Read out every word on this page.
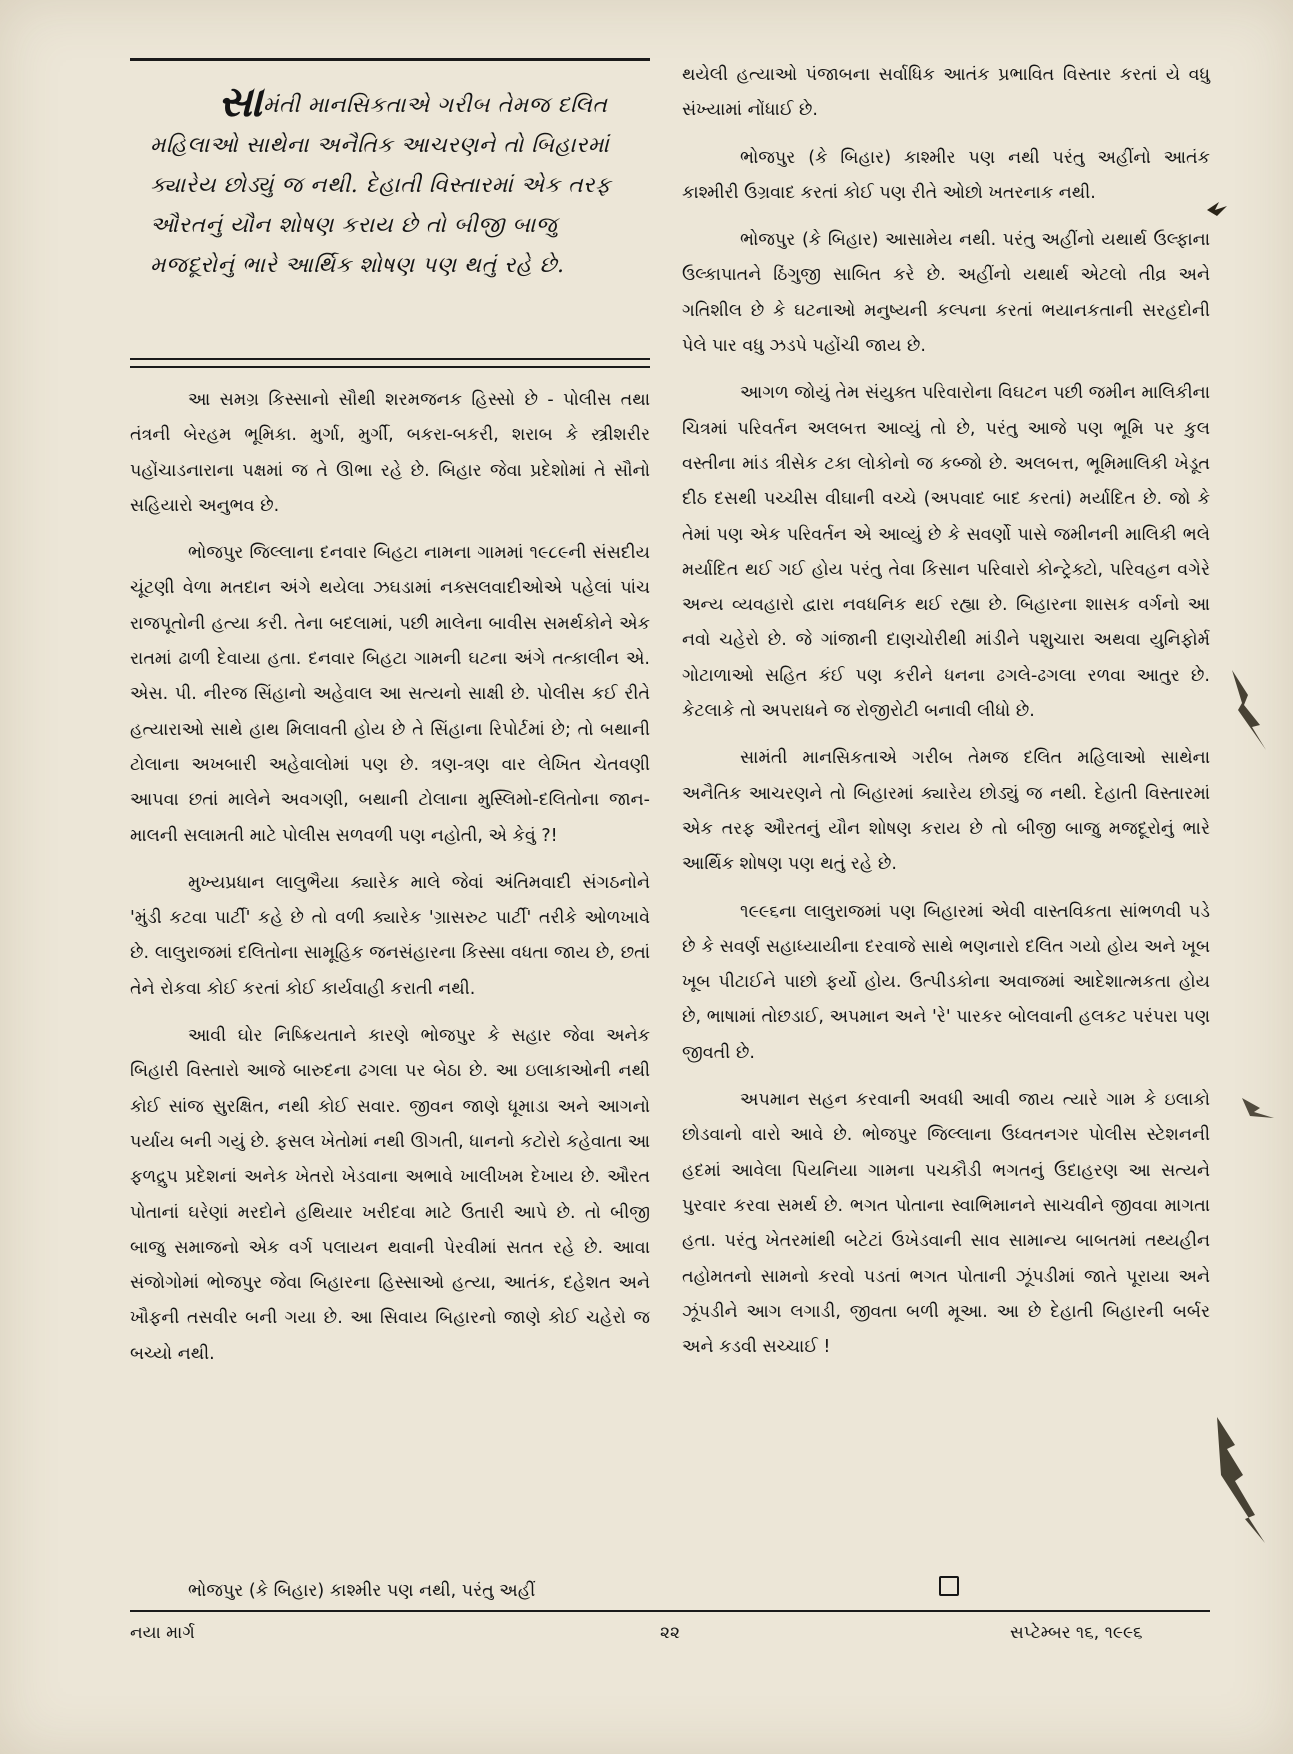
સામંતી માનસિકતાએ ગરીબ તેમજ દલિત મહિલાઓ સાથેના અનૈતિક આચરણને તો બિહારમાં ક્યારેય છોડ્યું જ નથી. દેહાતી વિસ્તારમાં એક તરફ ઔરતનું યૌન શોષણ કરાય છે તો બીજી બાજુ મજદૂરોનું ભારે આર્થિક શોષણ પણ થતું રહે છે.

આ સમગ્ર કિસ્સાનો સૌથી શરમજનક હિસ્સો છે - પોલીસ તથા તંત્રની બેરહમ ભૂમિકા. મુર્ગા, મુર્ગી, બકરા-બકરી, શરાબ કે સ્ત્રીશરીર પહોંચાડનારાના પક્ષમાં જ તે ઊભા રહે છે. બિહાર જેવા પ્રદેશોમાં તે સૌનો સહિયારો અનુભવ છે.

ભોજપુર જિલ્લાના દનવાર બિહટા નામના ગામમાં ૧૯૮૯ની સંસદીય ચૂંટણી વેળા મતદાન અંગે થયેલા ઝઘડામાં નક્સલવાદીઓએ પહેલાં પાંચ રાજપૂતોની હત્યા કરી. તેના બદલામાં, પછી માલેના બાવીસ સમર્થકોને એક રાતમાં ઢાળી દેવાયા હતા. દનવાર બિહટા ગામની ઘટના અંગે તત્કાલીન એ. એસ. પી. નીરજ સિંહાનો અહેવાલ આ સત્યનો સાક્ષી છે. પોલીસ કઈ રીતે હત્યારાઓ સાથે હાથ મિલાવતી હોય છે તે સિંહાના રિપોર્ટમાં છે; તો બથાની ટોલાના અખબારી અહેવાલોમાં પણ છે. ત્રણ-ત્રણ વાર લેખિત ચેતવણી આપવા છતાં માલેને અવગણી, બથાની ટોલાના મુસ્લિમો-દલિતોના જાન-માલની સલામતી માટે પોલીસ સળવળી પણ નહોતી, એ કેવું ?!

મુખ્યપ્રધાન લાલુભૈયા ક્યારેક માલે જેવાં અંતિમવાદી સંગઠનોને 'મુંડી કટવા પાર્ટી' કહે છે તો વળી ક્યારેક 'ગ્રાસરુટ પાર્ટી' તરીકે ઓળખાવે છે. લાલુરાજમાં દલિતોના સામૂહિક જનસંહારના કિસ્સા વધતા જાય છે, છતાં તેને રોકવા કોઈ કરતાં કોઈ કાર્યવાહી કરાતી નથી.

આવી ઘોર નિષ્ક્રિયતાને કારણે ભોજપુર કે સહાર જેવા અનેક બિહારી વિસ્તારો આજે બારુદના ઢગલા પર બેઠા છે. આ ઇલાકાઓની નથી કોઈ સાંજ સુરક્ષિત, નથી કોઈ સવાર. જીવન જાણે ધૂમાડા અને આગનો પર્યાય બની ગયું છે. ફસલ ખેતોમાં નથી ઊગતી, ધાનનો કટોરો કહેવાતા આ ફળદ્રુપ પ્રદેશનાં અનેક ખેતરો ખેડવાના અભાવે ખાલીખમ દેખાય છે. ઔરત પોતાનાં ઘરેણાં મરદોને હથિયાર ખરીદવા માટે ઉતારી આપે છે. તો બીજી બાજુ સમાજનો એક વર્ગ પલાયન થવાની પેરવીમાં સતત રહે છે. આવા સંજોગોમાં ભોજપુર જેવા બિહારના હિસ્સાઓ હત્યા, આતંક, દહેશત અને ખૌફની તસવીર બની ગયા છે. આ સિવાય બિહારનો જાણે કોઈ ચહેરો જ બચ્યો નથી.

ભોજપુર (કે બિહાર) કાશ્મીર પણ નથી, પરંતુ અહીં

થયેલી હત્યાઓ પંજાબના સર્વાધિક આતંક પ્રભાવિત વિસ્તાર કરતાં યે વધુ સંખ્યામાં નોંધાઈ છે.

ભોજપુર (કે બિહાર) કાશ્મીર પણ નથી પરંતુ અહીંનો આતંક કાશ્મીરી ઉગ્રવાદ કરતાં કોઈ પણ રીતે ઓછો ખતરનાક નથી.

ભોજપુર (કે બિહાર) આસામેય નથી. પરંતુ અહીંનો યથાર્થ ઉલ્ફાના ઉલ્કાપાતને ઠિંગુજી સાબિત કરે છે. અહીંનો યથાર્થ એટલો તીવ્ર અને ગતિશીલ છે કે ઘટનાઓ મનુષ્યની કલ્પના કરતાં ભયાનકતાની સરહદોની પેલે પાર વધુ ઝડપે પહોંચી જાય છે.

આગળ જોયું તેમ સંયુક્ત પરિવારોના વિઘટન પછી જમીન માલિકીના ચિત્રમાં પરિવર્તન અલબત્ત આવ્યું તો છે, પરંતુ આજે પણ ભૂમિ પર કુલ વસ્તીના માંડ ત્રીસેક ટકા લોકોનો જ કબ્જો છે. અલબત્ત, ભૂમિમાલિકી ખેડૂત દીઠ દસથી પચ્ચીસ વીઘાની વચ્ચે (અપવાદ બાદ કરતાં) મર્યાદિત છે. જો કે તેમાં પણ એક પરિવર્તન એ આવ્યું છે કે સવર્ણો પાસે જમીનની માલિકી ભલે મર્યાદિત થઈ ગઈ હોય પરંતુ તેવા કિસાન પરિવારો કોન્ટ્રેક્ટો, પરિવહન વગેરે અન્ય વ્યવહારો દ્વારા નવધનિક થઈ રહ્યા છે. બિહારના શાસક વર્ગનો આ નવો ચહેરો છે. જે ગાંજાની દાણચોરીથી માંડીને પશુચારા અથવા યુનિફોર્મ ગોટાળાઓ સહિત કંઈ પણ કરીને ધનના ઢગલે-ઢગલા રળવા આતુર છે. કેટલાકે તો અપરાધને જ રોજીરોટી બનાવી લીધો છે.

સામંતી માનસિકતાએ ગરીબ તેમજ દલિત મહિલાઓ સાથેના અનૈતિક આચરણને તો બિહારમાં ક્યારેય છોડ્યું જ નથી. દેહાતી વિસ્તારમાં એક તરફ ઔરતનું યૌન શોષણ કરાય છે તો બીજી બાજુ મજદૂરોનું ભારે આર્થિક શોષણ પણ થતું રહે છે.

૧૯૯૬ના લાલુરાજમાં પણ બિહારમાં એવી વાસ્તવિકતા સાંભળવી પડે છે કે સવર્ણ સહાધ્યાયીના દરવાજે સાથે ભણનારો દલિત ગયો હોય અને ખૂબ ખૂબ પીટાઈને પાછો ફર્યો હોય. ઉત્પીડકોના અવાજમાં આદેશાત્મકતા હોય છે, ભાષામાં તોછડાઈ, અપમાન અને 'રે' પારકર બોલવાની હલકટ પરંપરા પણ જીવતી છે.

અપમાન સહન કરવાની અવધી આવી જાય ત્યારે ગામ કે ઇલાકો છોડવાનો વારો આવે છે. ભોજપુર જિલ્લાના ઉધ્વતનગર પોલીસ સ્ટેશનની હદમાં આવેલા પિયનિયા ગામના પચકૌડી ભગતનું ઉદાહરણ આ સત્યને પુરવાર કરવા સમર્થ છે. ભગત પોતાના સ્વાભિમાનને સાચવીને જીવવા માગતા હતા. પરંતુ ખેતરમાંથી બટેટાં ઉખેડવાની સાવ સામાન્ય બાબતમાં તથ્યહીન તહોમતનો સામનો કરવો પડતાં ભગત પોતાની ઝૂંપડીમાં જાતે પૂરાયા અને ઝૂંપડીને આગ લગાડી, જીવતા બળી મૂઆ. આ છે દેહાતી બિહારની બર્બર અને કડવી સચ્ચાઈ !

નયા માર્ગ	૨૨	સપ્ટેમ્બર ૧૬, ૧૯૯૬
